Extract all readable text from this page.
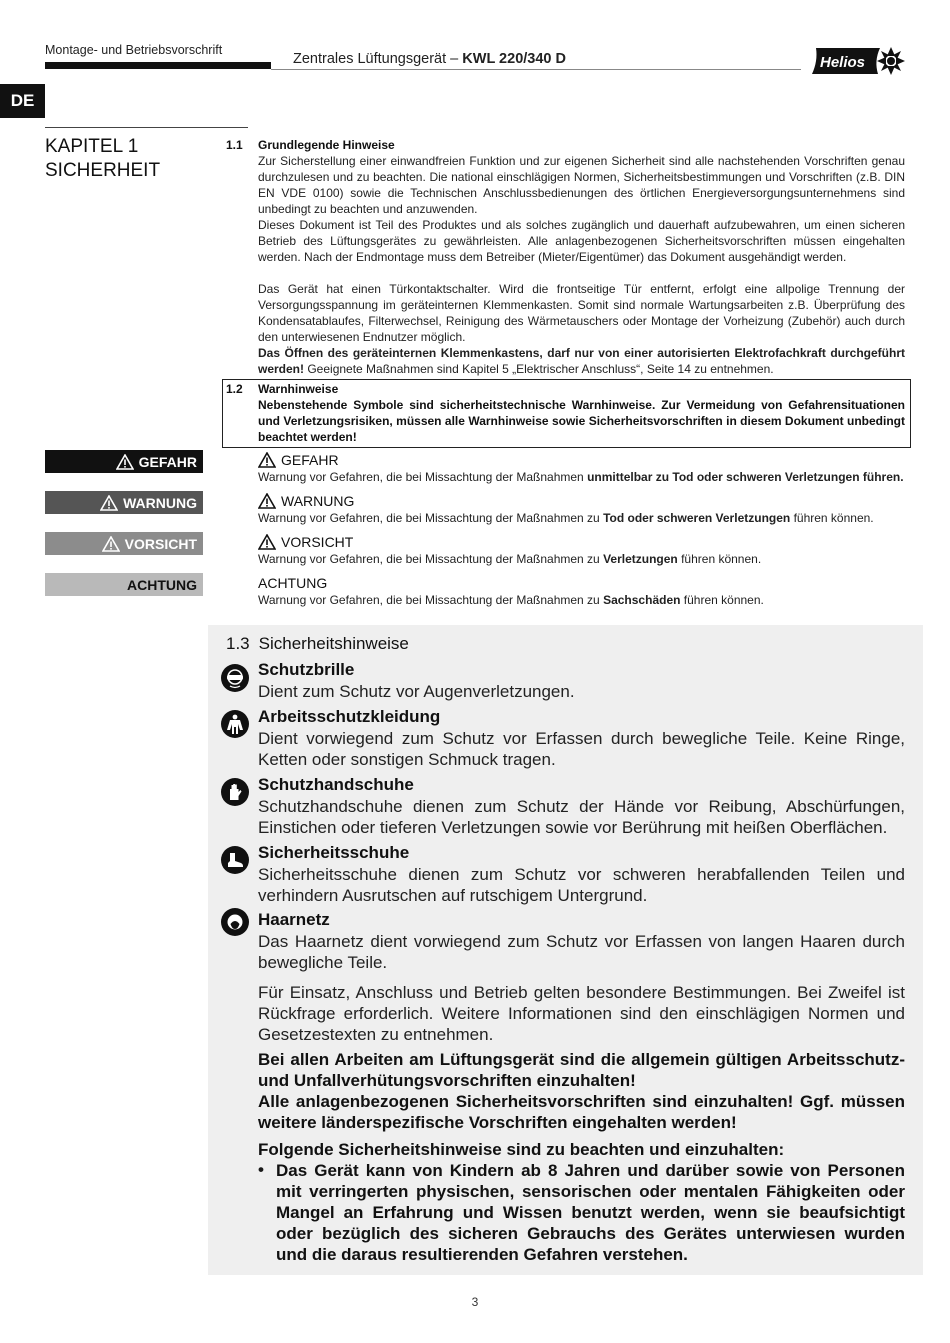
Montage- und Betriebsvorschrift
Zentrales Lüftungsgerät – KWL 220/340 D	Helios
DE
KAPITEL 1
SICHERHEIT
1.1 Grundlegende Hinweise
Zur Sicherstellung einer einwandfreien Funktion und zur eigenen Sicherheit sind alle nachstehenden Vorschriften genau durchzulesen und zu beachten. Die national einschlägigen Normen, Sicherheitsbestimmungen und Vorschriften (z.B. DIN EN VDE 0100) sowie die Technischen Anschlussbedienungen des örtlichen Energieversorgungsunternehmens sind unbedingt zu beachten und anzuwenden.
Dieses Dokument ist Teil des Produktes und als solches zugänglich und dauerhaft aufzubewahren, um einen sicheren Betrieb des Lüftungsgerätes zu gewährleisten. Alle anlagenbezogenen Sicherheitsvorschriften müssen eingehalten werden. Nach der Endmontage muss dem Betreiber (Mieter/Eigentümer) das Dokument ausgehändigt werden.
Das Gerät hat einen Türkontaktschalter. Wird die frontseitige Tür entfernt, erfolgt eine allpolige Trennung der Versorgungsspannung im geräteinternen Klemmenkasten. Somit sind normale Wartungsarbeiten z.B. Überprüfung des Kondensatablaufes, Filterwechsel, Reinigung des Wärmetauschers oder Montage der Vorheizung (Zubehör) auch durch den unterwiesenen Endnutzer möglich.
Das Öffnen des geräteinternen Klemmenkastens, darf nur von einer autorisierten Elektrofachkraft durchgeführt werden! Geeignete Maßnahmen sind Kapitel 5 „Elektrischer Anschluss“, Seite 14 zu entnehmen.
1.2 Warnhinweise
Nebenstehende Symbole sind sicherheitstechnische Warnhinweise. Zur Vermeidung von Gefahrensituationen und Verletzungsrisiken, müssen alle Warnhinweise sowie Sicherheitsvorschriften in diesem Dokument unbedingt beachtet werden!
GEFAHR	GEFAHR
Warnung vor Gefahren, die bei Missachtung der Maßnahmen unmittelbar zu Tod oder schweren Verletzungen führen.
WARNUNG	WARNUNG
Warnung vor Gefahren, die bei Missachtung der Maßnahmen zu Tod oder schweren Verletzungen führen können.
VORSICHT	VORSICHT
Warnung vor Gefahren, die bei Missachtung der Maßnahmen zu Verletzungen führen können.
ACHTUNG	ACHTUNG
Warnung vor Gefahren, die bei Missachtung der Maßnahmen zu Sachschäden führen können.
1.3 Sicherheitshinweise
Schutzbrille
Dient zum Schutz vor Augenverletzungen.
Arbeitsschutzkleidung
Dient vorwiegend zum Schutz vor Erfassen durch bewegliche Teile. Keine Ringe, Ketten oder sonstigen Schmuck tragen.
Schutzhandschuhe
Schutzhandschuhe dienen zum Schutz der Hände vor Reibung, Abschürfungen, Einstichen oder tieferen Verletzungen sowie vor Berührung mit heißen Oberflächen.
Sicherheitsschuhe
Sicherheitsschuhe dienen zum Schutz vor schweren herabfallenden Teilen und verhindern Ausrutschen auf rutschigem Untergrund.
Haarnetz
Das Haarnetz dient vorwiegend zum Schutz vor Erfassen von langen Haaren durch bewegliche Teile.
Für Einsatz, Anschluss und Betrieb gelten besondere Bestimmungen. Bei Zweifel ist Rückfrage erforderlich. Weitere Informationen sind den einschlägigen Normen und Gesetzestexten zu entnehmen.
Bei allen Arbeiten am Lüftungsgerät sind die allgemein gültigen Arbeitsschutz- und Unfallverhütungsvorschriften einzuhalten!
Alle anlagenbezogenen Sicherheitsvorschriften sind einzuhalten! Ggf. müssen weitere länderspezifische Vorschriften eingehalten werden!
Folgende Sicherheitshinweise sind zu beachten und einzuhalten:
• Das Gerät kann von Kindern ab 8 Jahren und darüber sowie von Personen mit verringerten physischen, sensorischen oder mentalen Fähigkeiten oder Mangel an Erfahrung und Wissen benutzt werden, wenn sie beaufsichtigt oder bezüglich des sicheren Gebrauchs des Gerätes unterwiesen wurden und die daraus resultierenden Gefahren verstehen.
3
